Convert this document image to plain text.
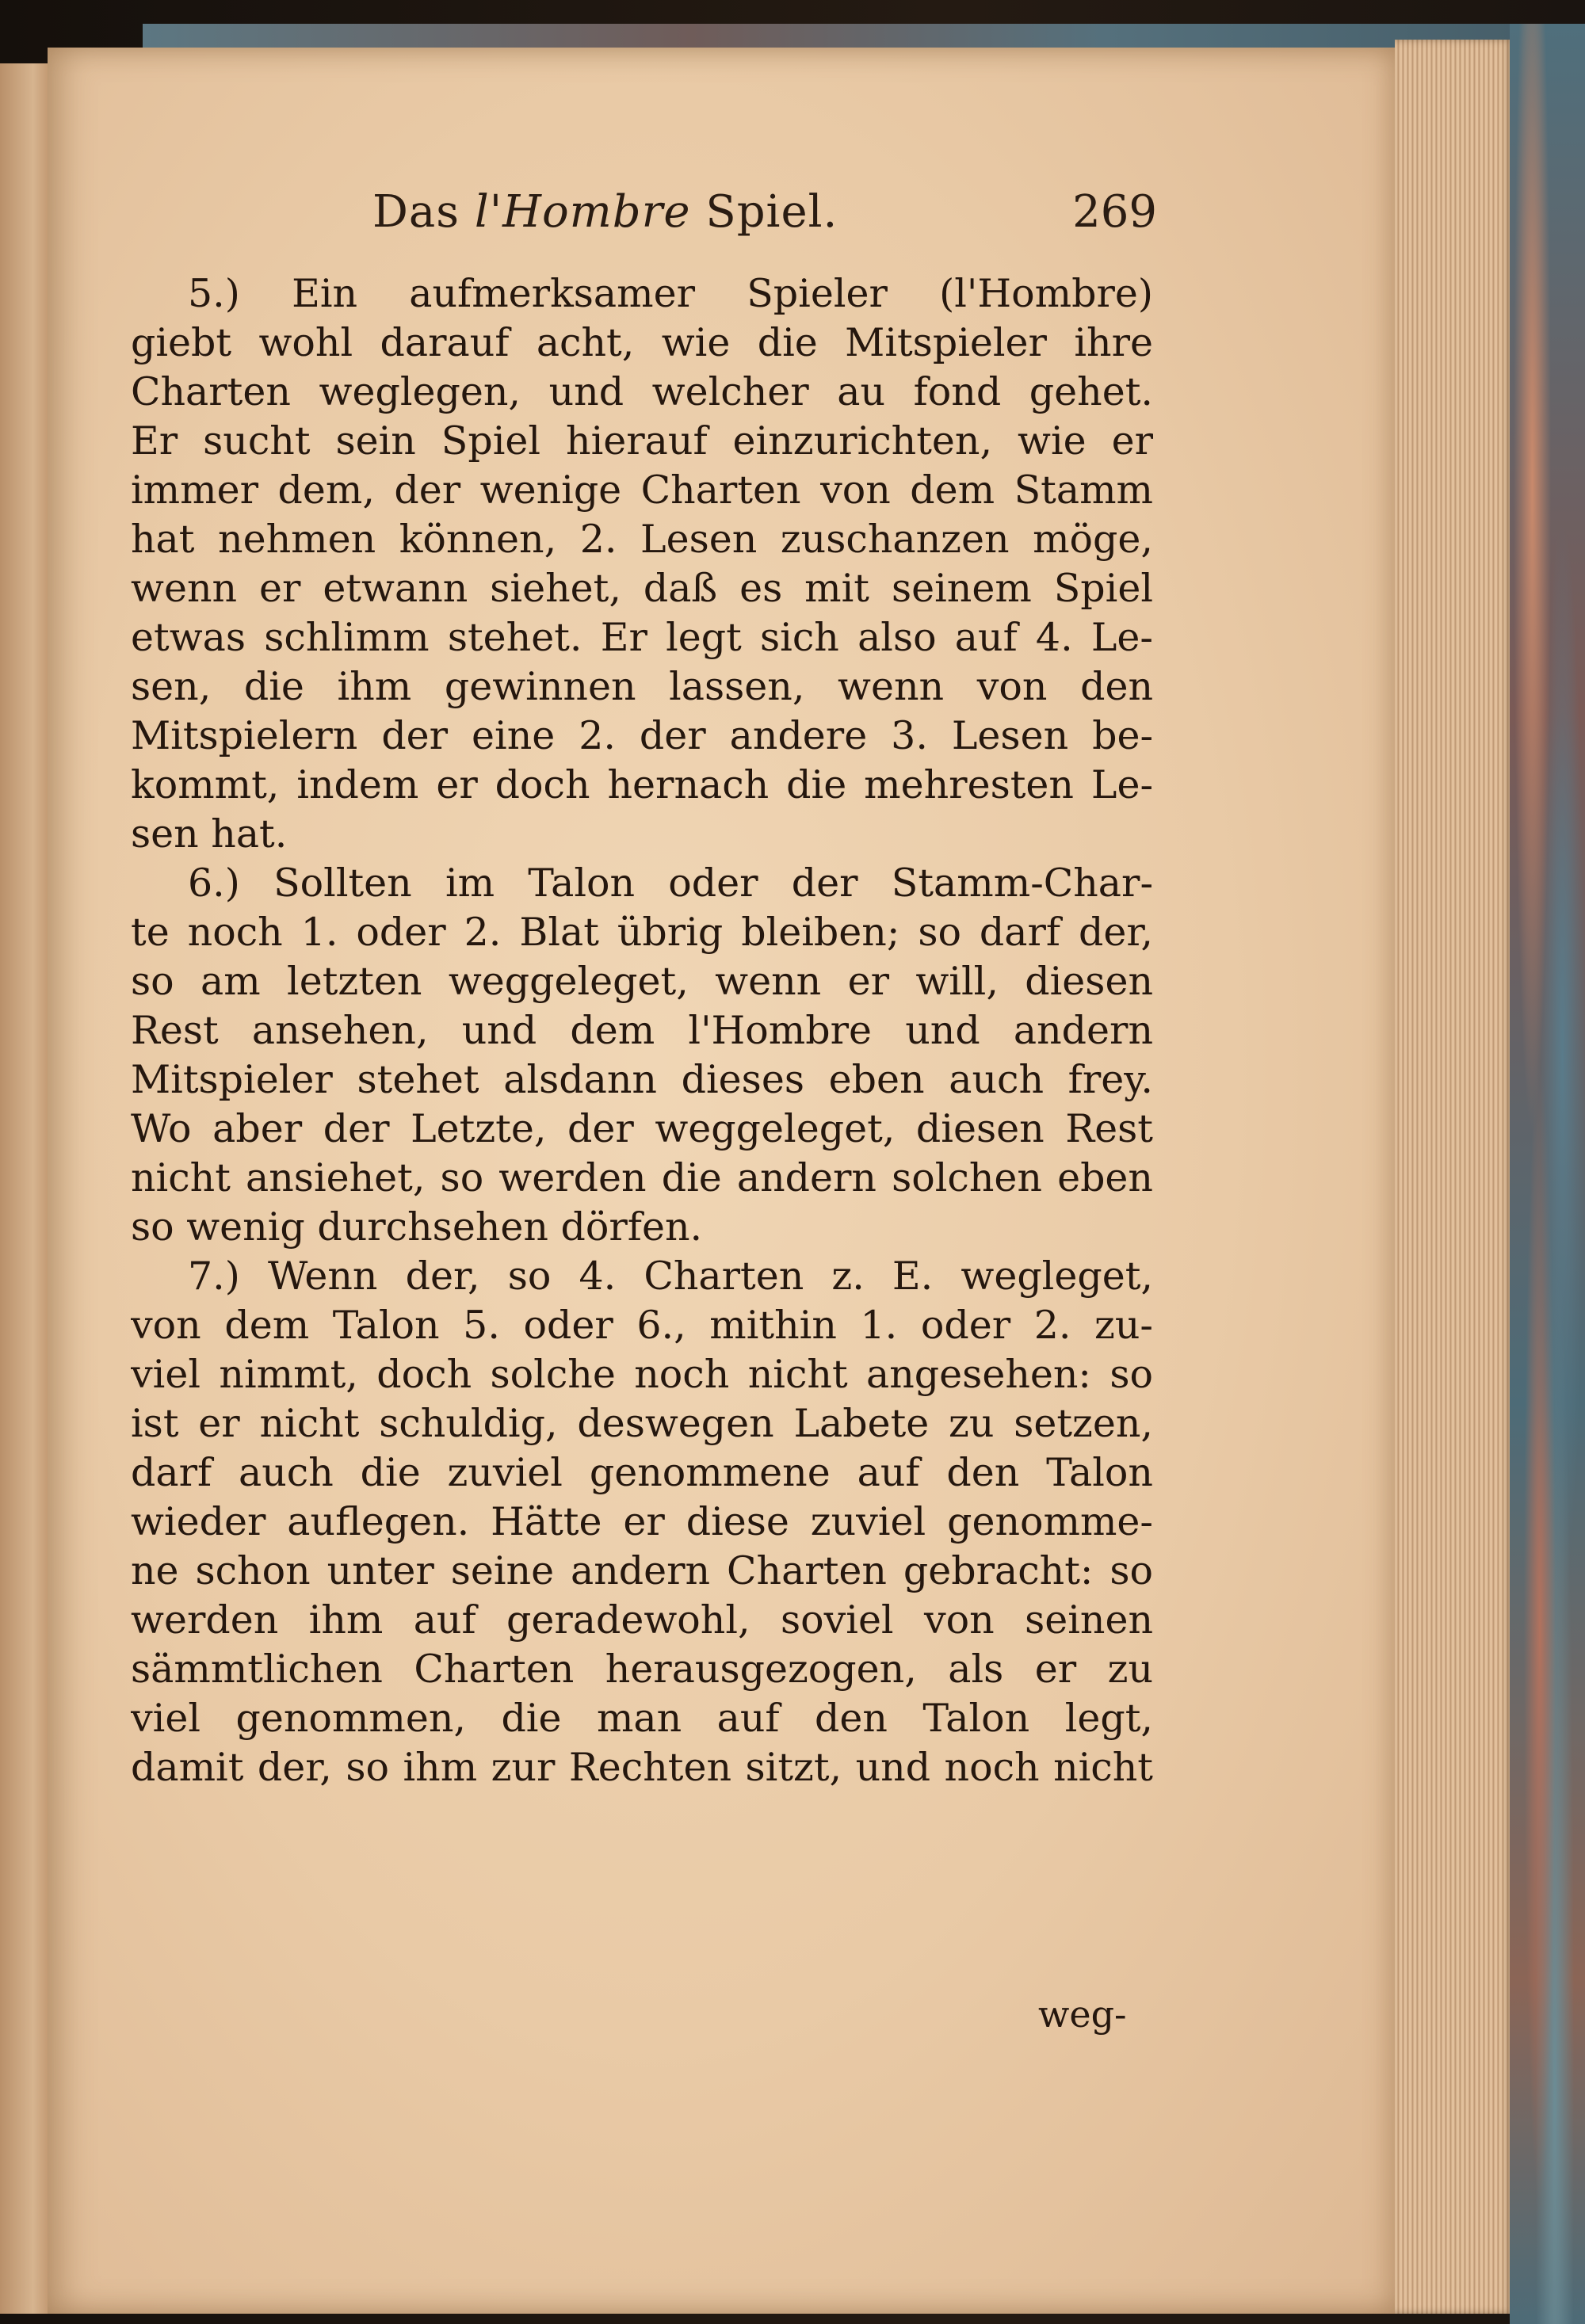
Das l'Hombre Spiel.	269
5.) Ein aufmerksamer Spieler (l'Hombre)
giebt wohl darauf acht, wie die Mitspieler ihre
Charten weglegen, und welcher au fond gehet.
Er sucht sein Spiel hierauf einzurichten, wie er
immer dem, der wenige Charten von dem Stamm
hat nehmen können, 2. Lesen zuschanzen möge,
wenn er etwann siehet, daß es mit seinem Spiel
etwas schlimm stehet. Er legt sich also auf 4. Le-
sen, die ihm gewinnen lassen, wenn von den
Mitspielern der eine 2. der andere 3. Lesen be-
kommt, indem er doch hernach die mehresten Le-
sen hat.
6.) Sollten im Talon oder der Stamm-Char-
te noch 1. oder 2. Blat übrig bleiben; so darf der,
so am letzten weggeleget, wenn er will, diesen
Rest ansehen, und dem l'Hombre und andern
Mitspieler stehet alsdann dieses eben auch frey.
Wo aber der Letzte, der weggeleget, diesen Rest
nicht ansiehet, so werden die andern solchen eben
so wenig durchsehen dörfen.
7.) Wenn der, so 4. Charten z. E. wegleget,
von dem Talon 5. oder 6., mithin 1. oder 2. zu-
viel nimmt, doch solche noch nicht angesehen: so
ist er nicht schuldig, deswegen Labete zu setzen,
darf auch die zuviel genommene auf den Talon
wieder auflegen. Hätte er diese zuviel genomme-
ne schon unter seine andern Charten gebracht: so
werden ihm auf geradewohl, soviel von seinen
sämmtlichen Charten herausgezogen, als er zu
viel genommen, die man auf den Talon legt,
damit der, so ihm zur Rechten sitzt, und noch nicht
weg-
